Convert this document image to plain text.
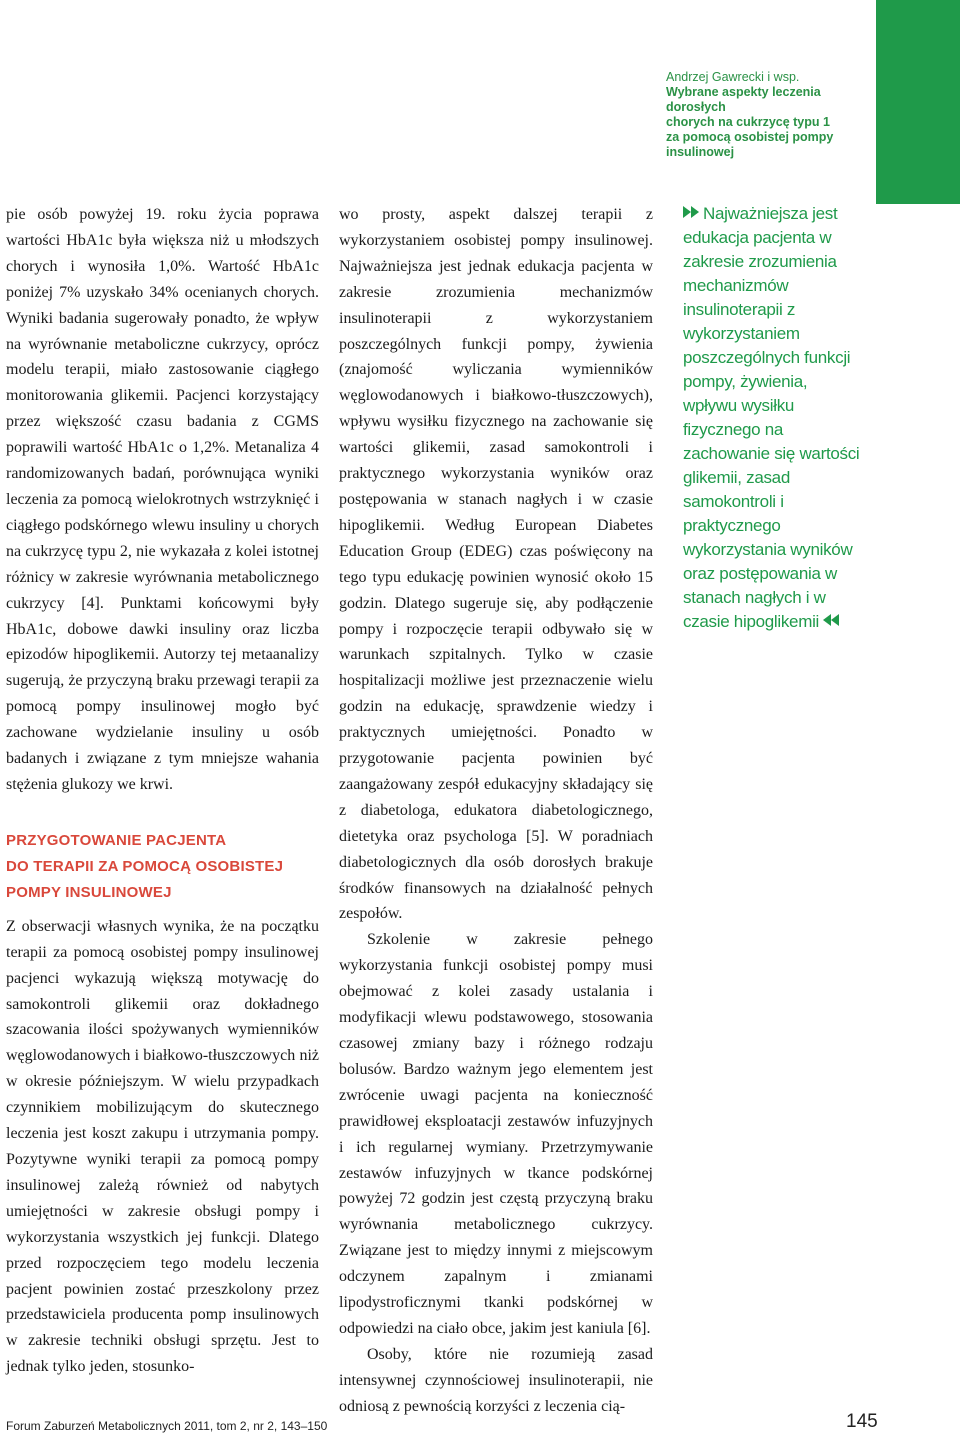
Andrzej Gawrecki i wsp.
Wybrane aspekty leczenia dorosłych
chorych na cukrzycę typu 1
za pomocą osobistej pompy insulinowej

pie osób powyżej 19. roku życia poprawa wartości HbA1c była większa niż u młodszych chorych i wynosiła 1,0%. Wartość HbA1c poniżej 7% uzyskało 34% ocenianych chorych. Wyniki badania sugerowały ponadto, że wpływ na wyrównanie metaboliczne cukrzycy, oprócz modelu terapii, miało zastosowanie ciągłego monitorowania glikemii. Pacjenci korzystający przez większość czasu badania z CGMS poprawili wartość HbA1c o 1,2%. Metanaliza 4 randomizowanych badań, porównująca wyniki leczenia za pomocą wielokrotnych wstrzyknięć i ciągłego podskórnego wlewu insuliny u chorych na cukrzycę typu 2, nie wykazała z kolei istotnej różnicy w zakresie wyrównania metabolicznego cukrzycy [4]. Punktami końcowymi były HbA1c, dobowe dawki insuliny oraz liczba epizodów hipoglikemii. Autorzy tej metaanalizy sugerują, że przyczyną braku przewagi terapii za pomocą pompy insulinowej mogło być zachowane wydzielanie insuliny u osób badanych i związane z tym mniejsze wahania stężenia glukozy we krwi.

PRZYGOTOWANIE PACJENTA
DO TERAPII ZA POMOCĄ OSOBISTEJ
POMPY INSULINOWEJ

Z obserwacji własnych wynika, że na początku terapii za pomocą osobistej pompy insulinowej pacjenci wykazują większą motywację do samokontroli glikemii oraz dokładnego szacowania ilości spożywanych wymienników węglowodanowych i białkowo-tłuszczowych niż w okresie późniejszym. W wielu przypadkach czynnikiem mobilizującym do skutecznego leczenia jest koszt zakupu i utrzymania pompy. Pozytywne wyniki terapii za pomocą pompy insulinowej zależą również od nabytych umiejętności w zakresie obsługi pompy i wykorzystania wszystkich jej funkcji. Dlatego przed rozpoczęciem tego modelu leczenia pacjent powinien zostać przeszkolony przez przedstawiciela producenta pomp insulinowych w zakresie techniki obsługi sprzętu. Jest to jednak tylko jeden, stosunko-

wo prosty, aspekt dalszej terapii z wykorzystaniem osobistej pompy insulinowej. Najważniejsza jest jednak edukacja pacjenta w zakresie zrozumienia mechanizmów insulinoterapii z wykorzystaniem poszczególnych funkcji pompy, żywienia (znajomość wyliczania wymienników węglowodanowych i białkowo-tłuszczowych), wpływu wysiłku fizycznego na zachowanie się wartości glikemii, zasad samokontroli i praktycznego wykorzystania wyników oraz postępowania w stanach nagłych i w czasie hipoglikemii. Według European Diabetes Education Group (EDEG) czas poświęcony na tego typu edukację powinien wynosić około 15 godzin. Dlatego sugeruje się, aby podłączenie pompy i rozpoczęcie terapii odbywało się w warunkach szpitalnych. Tylko w czasie hospitalizacji możliwe jest przeznaczenie wielu godzin na edukację, sprawdzenie wiedzy i praktycznych umiejętności. Ponadto w przygotowanie pacjenta powinien być zaangażowany zespół edukacyjny składający się z diabetologa, edukatora diabetologicznego, dietetyka oraz psychologa [5]. W poradniach diabetologicznych dla osób dorosłych brakuje środków finansowych na działalność pełnych zespołów.

Szkolenie w zakresie pełnego wykorzystania funkcji osobistej pompy musi obejmować z kolei zasady ustalania i modyfikacji wlewu podstawowego, stosowania czasowej zmiany bazy i różnego rodzaju bolusów. Bardzo ważnym jego elementem jest zwrócenie uwagi pacjenta na konieczność prawidłowej eksploatacji zestawów infuzyjnych i ich regularnej wymiany. Przetrzymywanie zestawów infuzyjnych w tkance podskórnej powyżej 72 godzin jest częstą przyczyną braku wyrównania metabolicznego cukrzycy. Związane jest to między innymi z miejscowym odczynem zapalnym i zmianami lipodystroficznymi tkanki podskórnej w odpowiedzi na ciało obce, jakim jest kaniula [6].

Osoby, które nie rozumieją zasad intensywnej czynnościowej insulinoterapii, nie odniosą z pewnością korzyści z leczenia cią-

Najważniejsza jest edukacja pacjenta w zakresie zrozumienia mechanizmów insulinoterapii z wykorzystaniem poszczególnych funkcji pompy, żywienia, wpływu wysiłku fizycznego na zachowanie się wartości glikemii, zasad samokontroli i praktycznego wykorzystania wyników oraz postępowania w stanach nagłych i w czasie hipoglikemii
Forum Zaburzeń Metabolicznych 2011, tom 2, nr 2, 143–150	145
